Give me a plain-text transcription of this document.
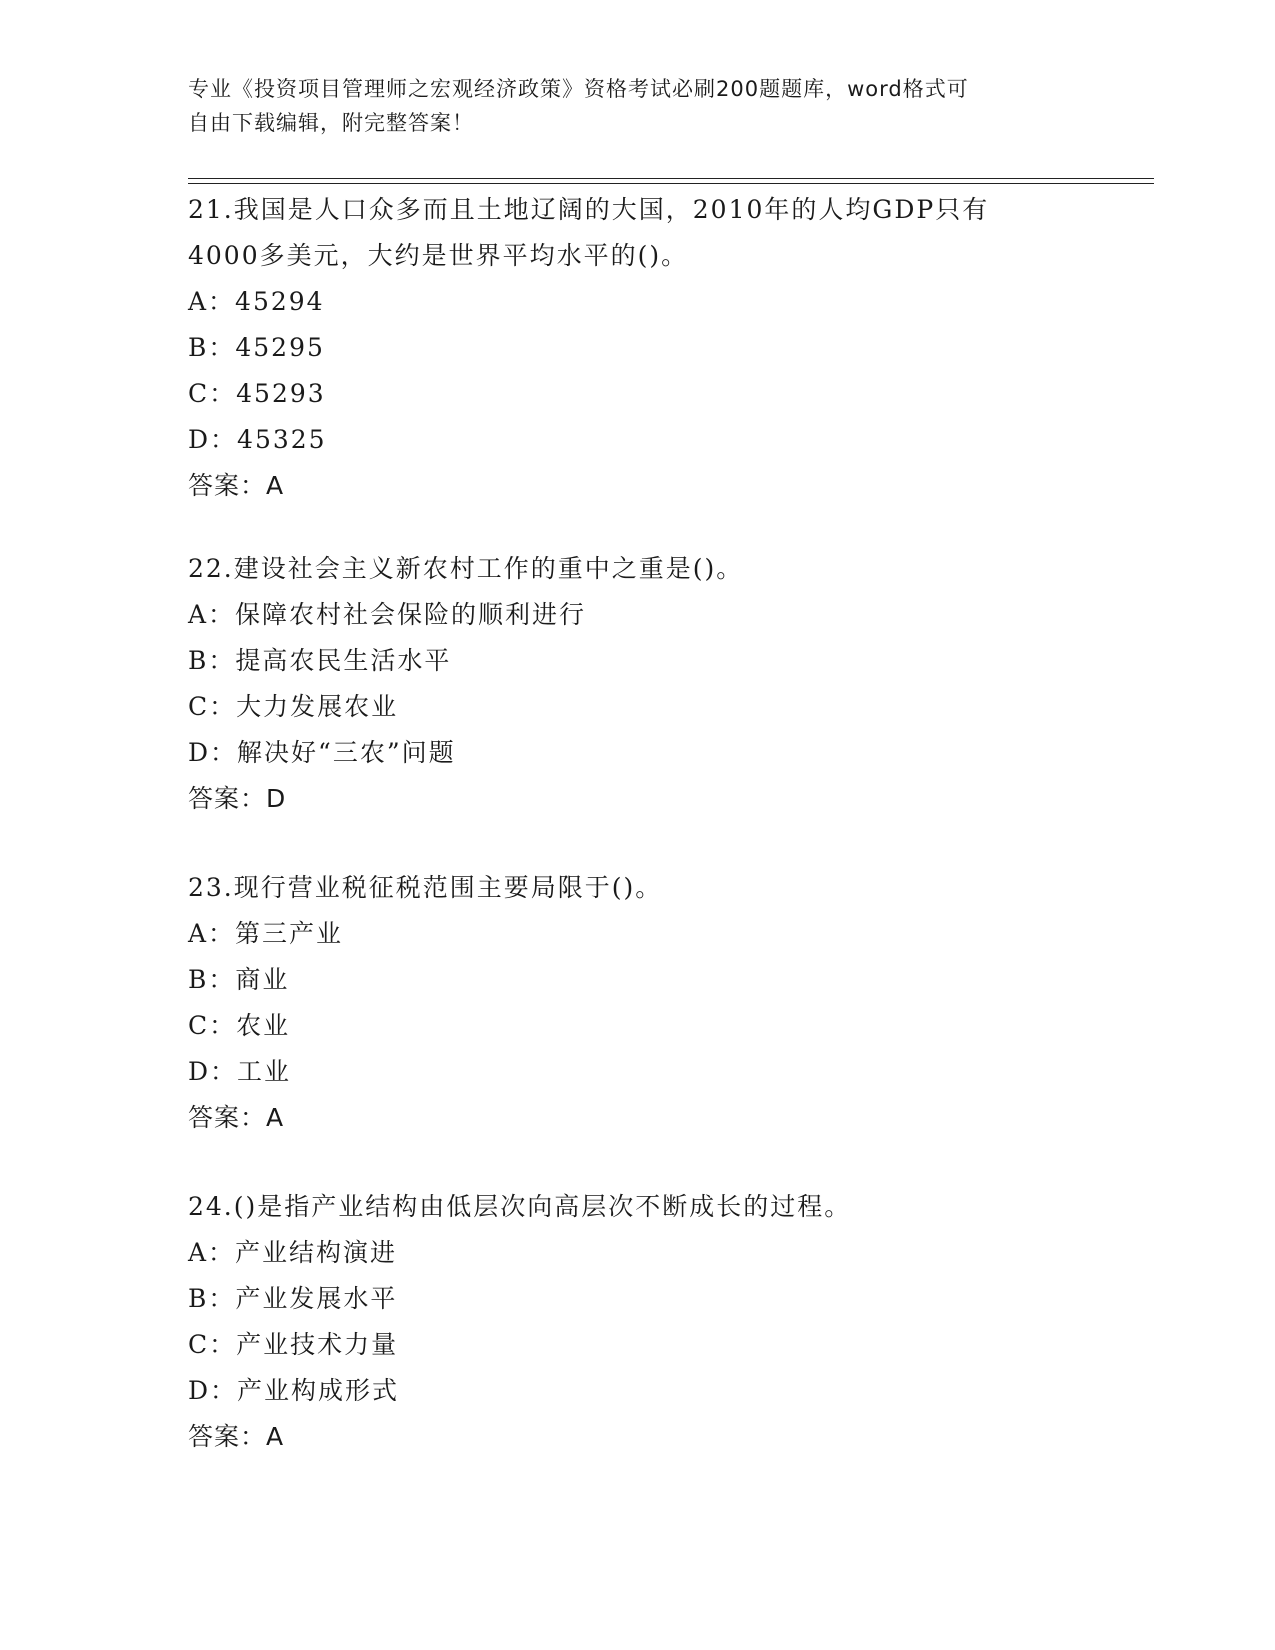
专业《投资项目管理师之宏观经济政策》资格考试必刷200题题库，word格式可
自由下载编辑，附完整答案！
21.我国是人口众多而且土地辽阔的大国，2010年的人均GDP只有
4000多美元，大约是世界平均水平的()。
A：45294
B：45295
C：45293
D：45325
答案：A
22.建设社会主义新农村工作的重中之重是()。
A：保障农村社会保险的顺利进行
B：提高农民生活水平
C：大力发展农业
D：解决好“三农”问题
答案：D
23.现行营业税征税范围主要局限于()。
A：第三产业
B：商业
C：农业
D：工业
答案：A
24.()是指产业结构由低层次向高层次不断成长的过程。
A：产业结构演进
B：产业发展水平
C：产业技术力量
D：产业构成形式
答案：A
